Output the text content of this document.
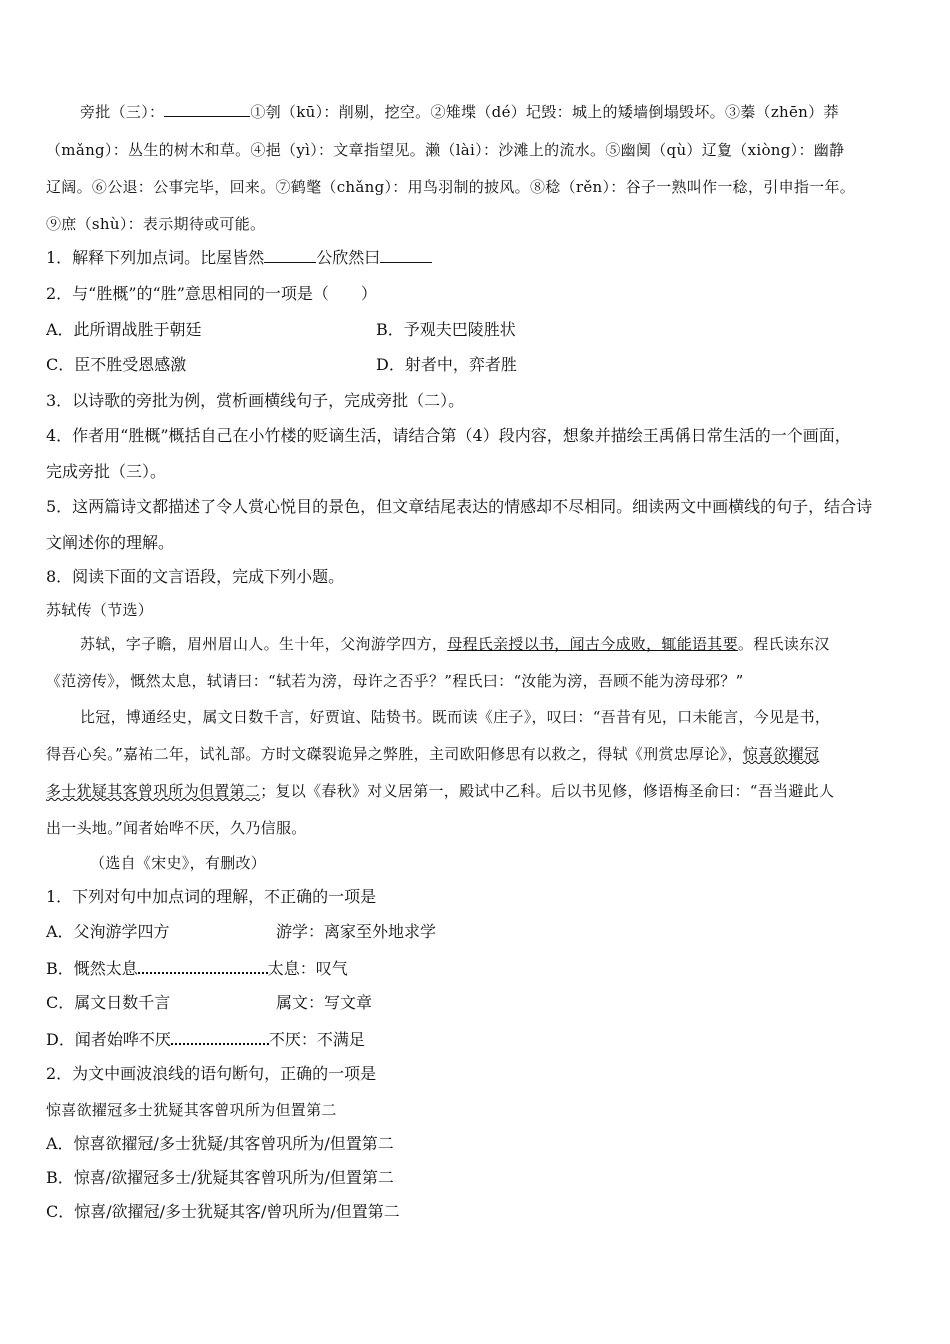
旁批（三）：	①刳（kū）：削剔，挖空。②雉堞（dé）圮毁：城上的矮墙倒塌毁坏。③蓁（zhēn）莽
（mǎng）：丛生的树木和草。④挹（yì）：文章指望见。濑（lài）：沙滩上的流水。⑤幽阒（qù）辽夐（xiòng）：幽静
辽阔。⑥公退：公事完毕，回来。⑦鹤氅（chǎng）：用鸟羽制的披风。⑧稔（rěn）：谷子一熟叫作一稔，引申指一年。
⑨庶（shù）：表示期待或可能。
1．解释下列加点词。比屋皆然	公欣然曰
2．与“胜概”的“胜”意思相同的一项是（　　）
A．此所谓战胜于朝廷	B．予观夫巴陵胜状
C．臣不胜受恩感激	D．射者中，弈者胜
3．以诗歌的旁批为例，赏析画横线句子，完成旁批（二）。
4．作者用“胜概”概括自己在小竹楼的贬谪生活，请结合第（4）段内容，想象并描绘王禹偁日常生活的一个画面，
完成旁批（三）。
5．这两篇诗文都描述了令人赏心悦目的景色，但文章结尾表达的情感却不尽相同。细读两文中画横线的句子，结合诗
文阐述你的理解。
8．阅读下面的文言语段，完成下列小题。
苏轼传（节选）
苏轼，字子瞻，眉州眉山人。生十年，父洵游学四方，母程氏亲授以书，闻古今成败，辄能语其要。程氏读东汉
《范滂传》，慨然太息，轼请曰：“轼若为滂，母许之否乎？”程氏曰：“汝能为滂，吾顾不能为滂母邪？”
比冠，博通经史，属文日数千言，好贾谊、陆贽书。既而读《庄子》，叹曰：“吾昔有见，口未能言，今见是书，
得吾心矣。”嘉祐二年，试礼部。方时文磔裂诡异之弊胜，主司欧阳修思有以救之，得轼《刑赏忠厚论》，惊喜欲擢冠
多士犹疑其客曾巩所为但置第二；复以《春秋》对义居第一，殿试中乙科。后以书见修，修语梅圣俞曰：“吾当避此人
出一头地。”闻者始哗不厌，久乃信服。
（选自《宋史》，有删改）
1．下列对句中加点词的理解，不正确的一项是
A．父洵游学四方	游学：离家至外地求学
B．慨然太息	太息：叹气
C．属文日数千言	属文：写文章
D．闻者始哗不厌	不厌：不满足
2．为文中画波浪线的语句断句，正确的一项是
惊喜欲擢冠多士犹疑其客曾巩所为但置第二
A．惊喜欲擢冠/多士犹疑/其客曾巩所为/但置第二
B．惊喜/欲擢冠多士/犹疑其客曾巩所为/但置第二
C．惊喜/欲擢冠/多士犹疑其客/曾巩所为/但置第二
